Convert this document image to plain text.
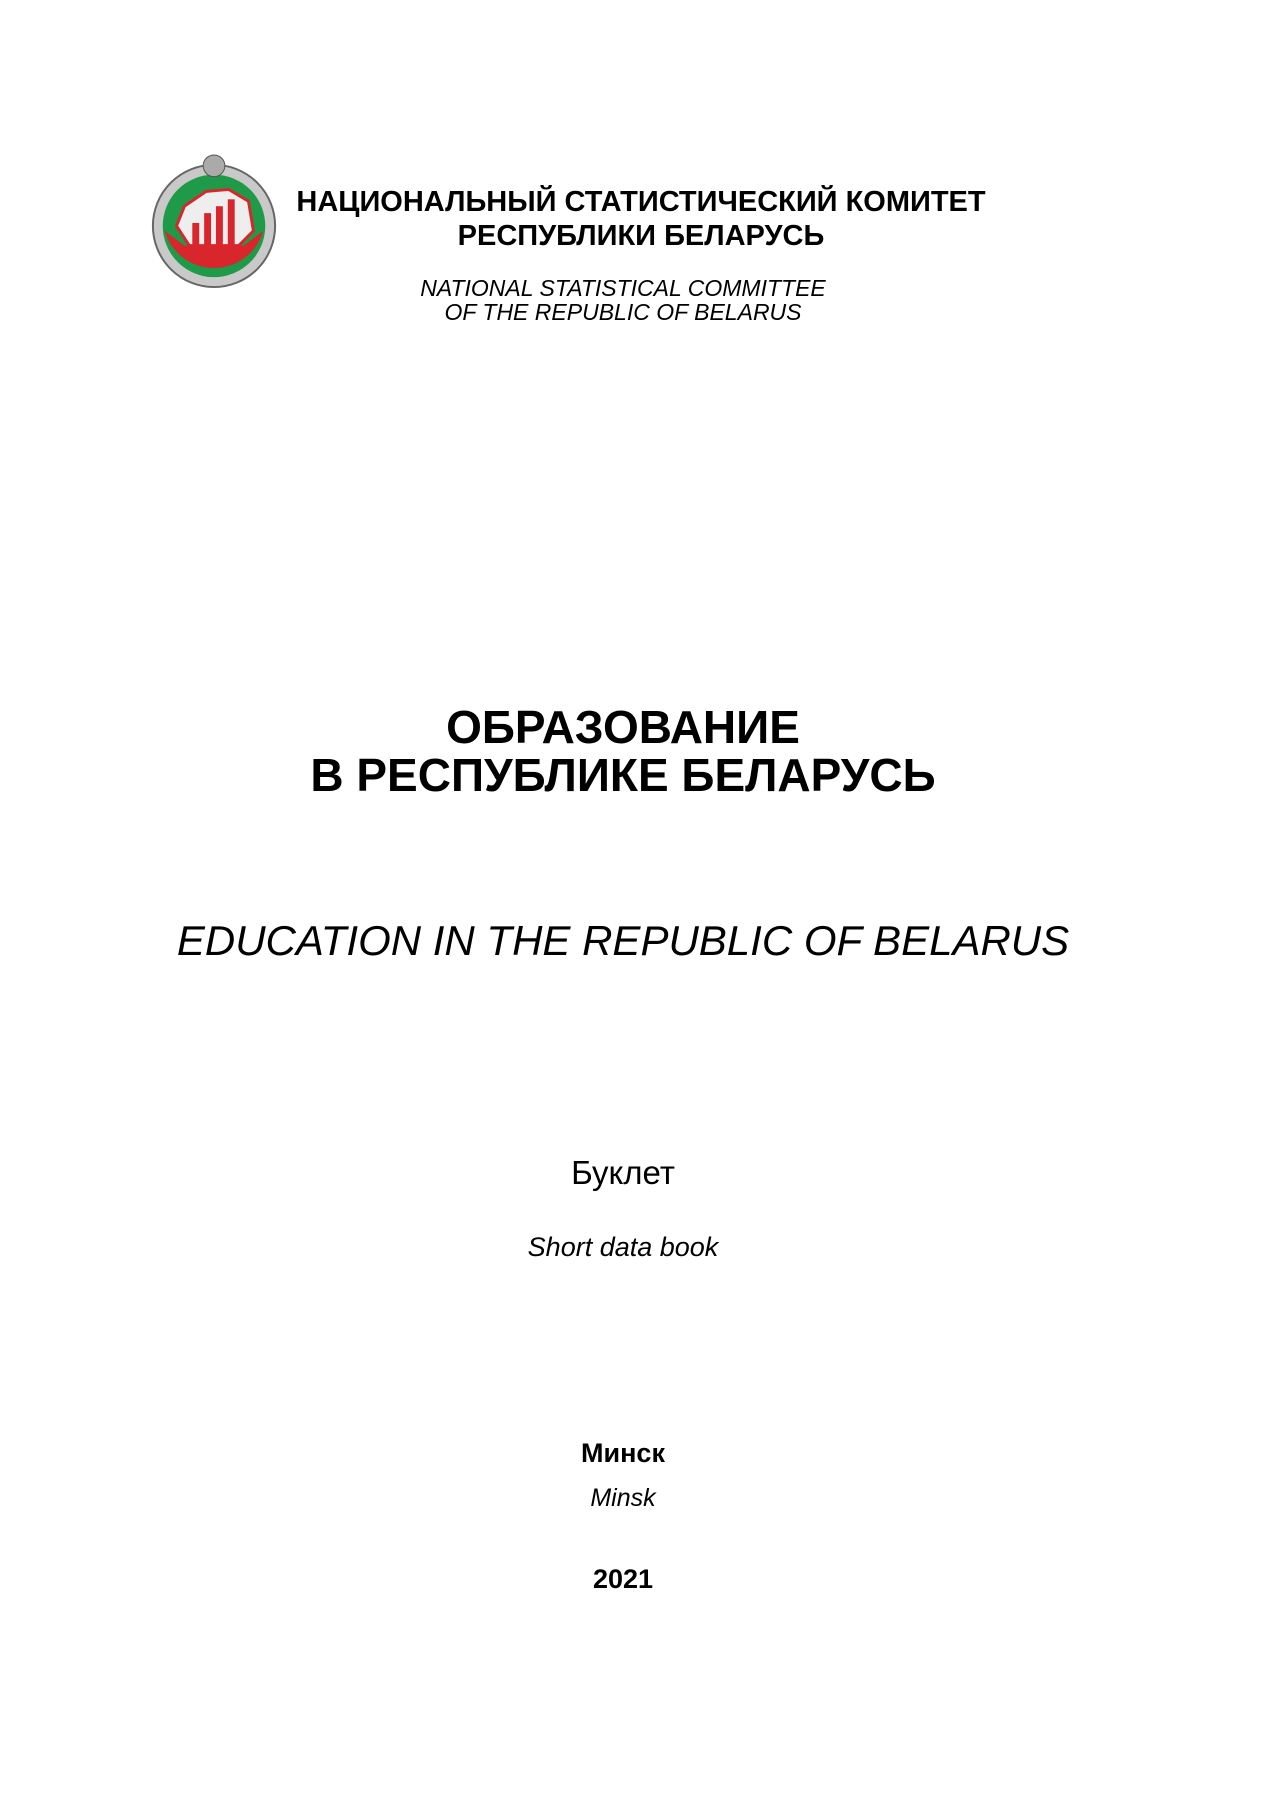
НАЦИОНАЛЬНЫЙ СТАТИСТИЧЕСКИЙ КОМИТЕТ
РЕСПУБЛИКИ БЕЛАРУСЬ
NATIONAL STATISTICAL COMMITTEE
OF THE REPUBLIC OF BELARUS
ОБРАЗОВАНИЕ
В РЕСПУБЛИКЕ БЕЛАРУСЬ
EDUCATION IN THE REPUBLIC OF BELARUS
Буклет
Short data book
Минск
Minsk
2021
